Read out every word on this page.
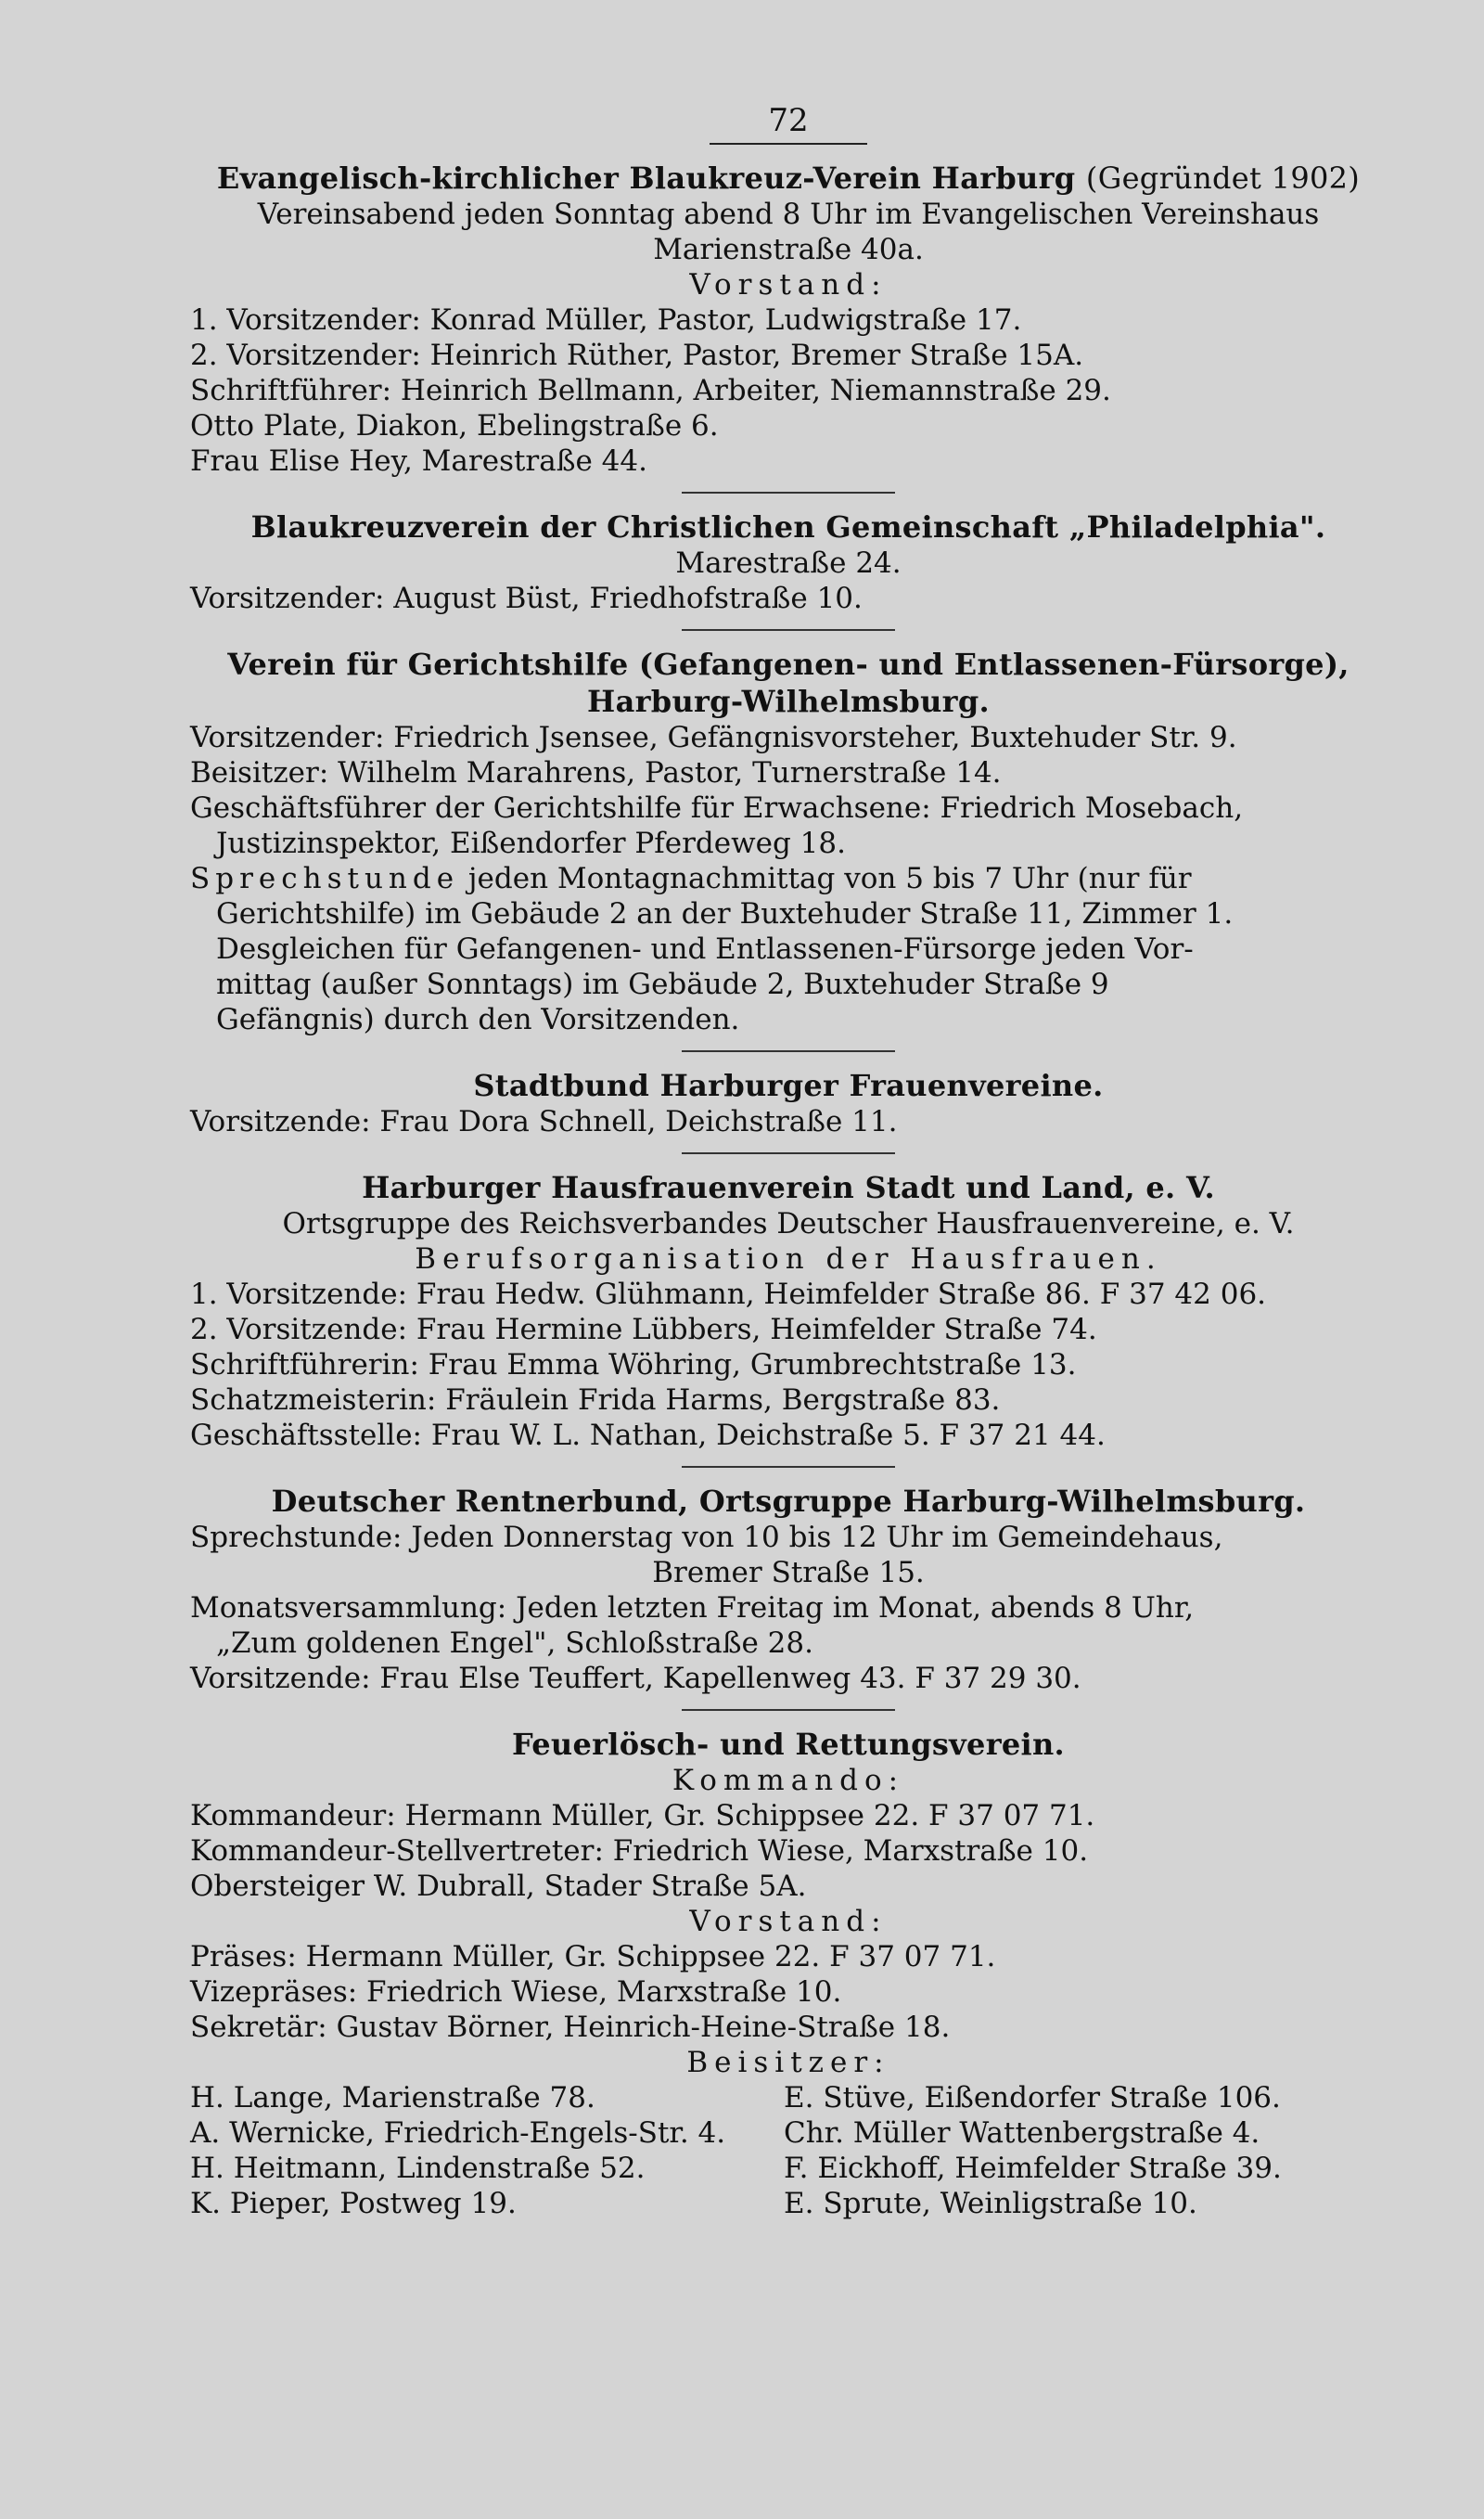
72
Evangelisch-kirchlicher Blaukreuz-Verein Harburg (Gegründet 1902)
Vereinsabend jeden Sonntag abend 8 Uhr im Evangelischen Vereinshaus
Marienstraße 40a.
Vorstand:
1. Vorsitzender: Konrad Müller, Pastor, Ludwigstraße 17.
2. Vorsitzender: Heinrich Rüther, Pastor, Bremer Straße 15A.
Schriftführer: Heinrich Bellmann, Arbeiter, Niemannstraße 29.
Otto Plate, Diakon, Ebelingstraße 6.
Frau Elise Hey, Marestraße 44.
Blaukreuzverein der Christlichen Gemeinschaft „Philadelphia".
Marestraße 24.
Vorsitzender: August Büst, Friedhofstraße 10.
Verein für Gerichtshilfe (Gefangenen- und Entlassenen-Fürsorge),
Harburg-Wilhelmsburg.
Vorsitzender: Friedrich Jsensee, Gefängnisvorsteher, Buxtehuder Str. 9.
Beisitzer: Wilhelm Marahrens, Pastor, Turnerstraße 14.
Geschäftsführer der Gerichtshilfe für Erwachsene: Friedrich Mosebach,
Justizinspektor, Eißendorfer Pferdeweg 18.
Sprechstunde jeden Montagnachmittag von 5 bis 7 Uhr (nur für
Gerichtshilfe) im Gebäude 2 an der Buxtehuder Straße 11, Zimmer 1.
Desgleichen für Gefangenen- und Entlassenen-Fürsorge jeden Vor-
mittag (außer Sonntags) im Gebäude 2, Buxtehuder Straße 9
Gefängnis) durch den Vorsitzenden.
Stadtbund Harburger Frauenvereine.
Vorsitzende: Frau Dora Schnell, Deichstraße 11.
Harburger Hausfrauenverein Stadt und Land, e. V.
Ortsgruppe des Reichsverbandes Deutscher Hausfrauenvereine, e. V.
Berufsorganisation der Hausfrauen.
1. Vorsitzende: Frau Hedw. Glühmann, Heimfelder Straße 86. F 37 42 06.
2. Vorsitzende: Frau Hermine Lübbers, Heimfelder Straße 74.
Schriftführerin: Frau Emma Wöhring, Grumbrechtstraße 13.
Schatzmeisterin: Fräulein Frida Harms, Bergstraße 83.
Geschäftsstelle: Frau W. L. Nathan, Deichstraße 5. F 37 21 44.
Deutscher Rentnerbund, Ortsgruppe Harburg-Wilhelmsburg.
Sprechstunde: Jeden Donnerstag von 10 bis 12 Uhr im Gemeindehaus,
Bremer Straße 15.
Monatsversammlung: Jeden letzten Freitag im Monat, abends 8 Uhr,
„Zum goldenen Engel", Schloßstraße 28.
Vorsitzende: Frau Else Teuffert, Kapellenweg 43. F 37 29 30.
Feuerlösch- und Rettungsverein.
Kommando:
Kommandeur: Hermann Müller, Gr. Schippsee 22. F 37 07 71.
Kommandeur-Stellvertreter: Friedrich Wiese, Marxstraße 10.
Obersteiger W. Dubrall, Stader Straße 5A.
Vorstand:
Präses: Hermann Müller, Gr. Schippsee 22. F 37 07 71.
Vizepräses: Friedrich Wiese, Marxstraße 10.
Sekretär: Gustav Börner, Heinrich-Heine-Straße 18.
Beisitzer:
H. Lange, Marienstraße 78.
A. Wernicke, Friedrich-Engels-Str. 4.
H. Heitmann, Lindenstraße 52.
K. Pieper, Postweg 19.
E. Stüve, Eißendorfer Straße 106.
Chr. Müller Wattenbergstraße 4.
F. Eickhoff, Heimfelder Straße 39.
E. Sprute, Weinligstraße 10.
